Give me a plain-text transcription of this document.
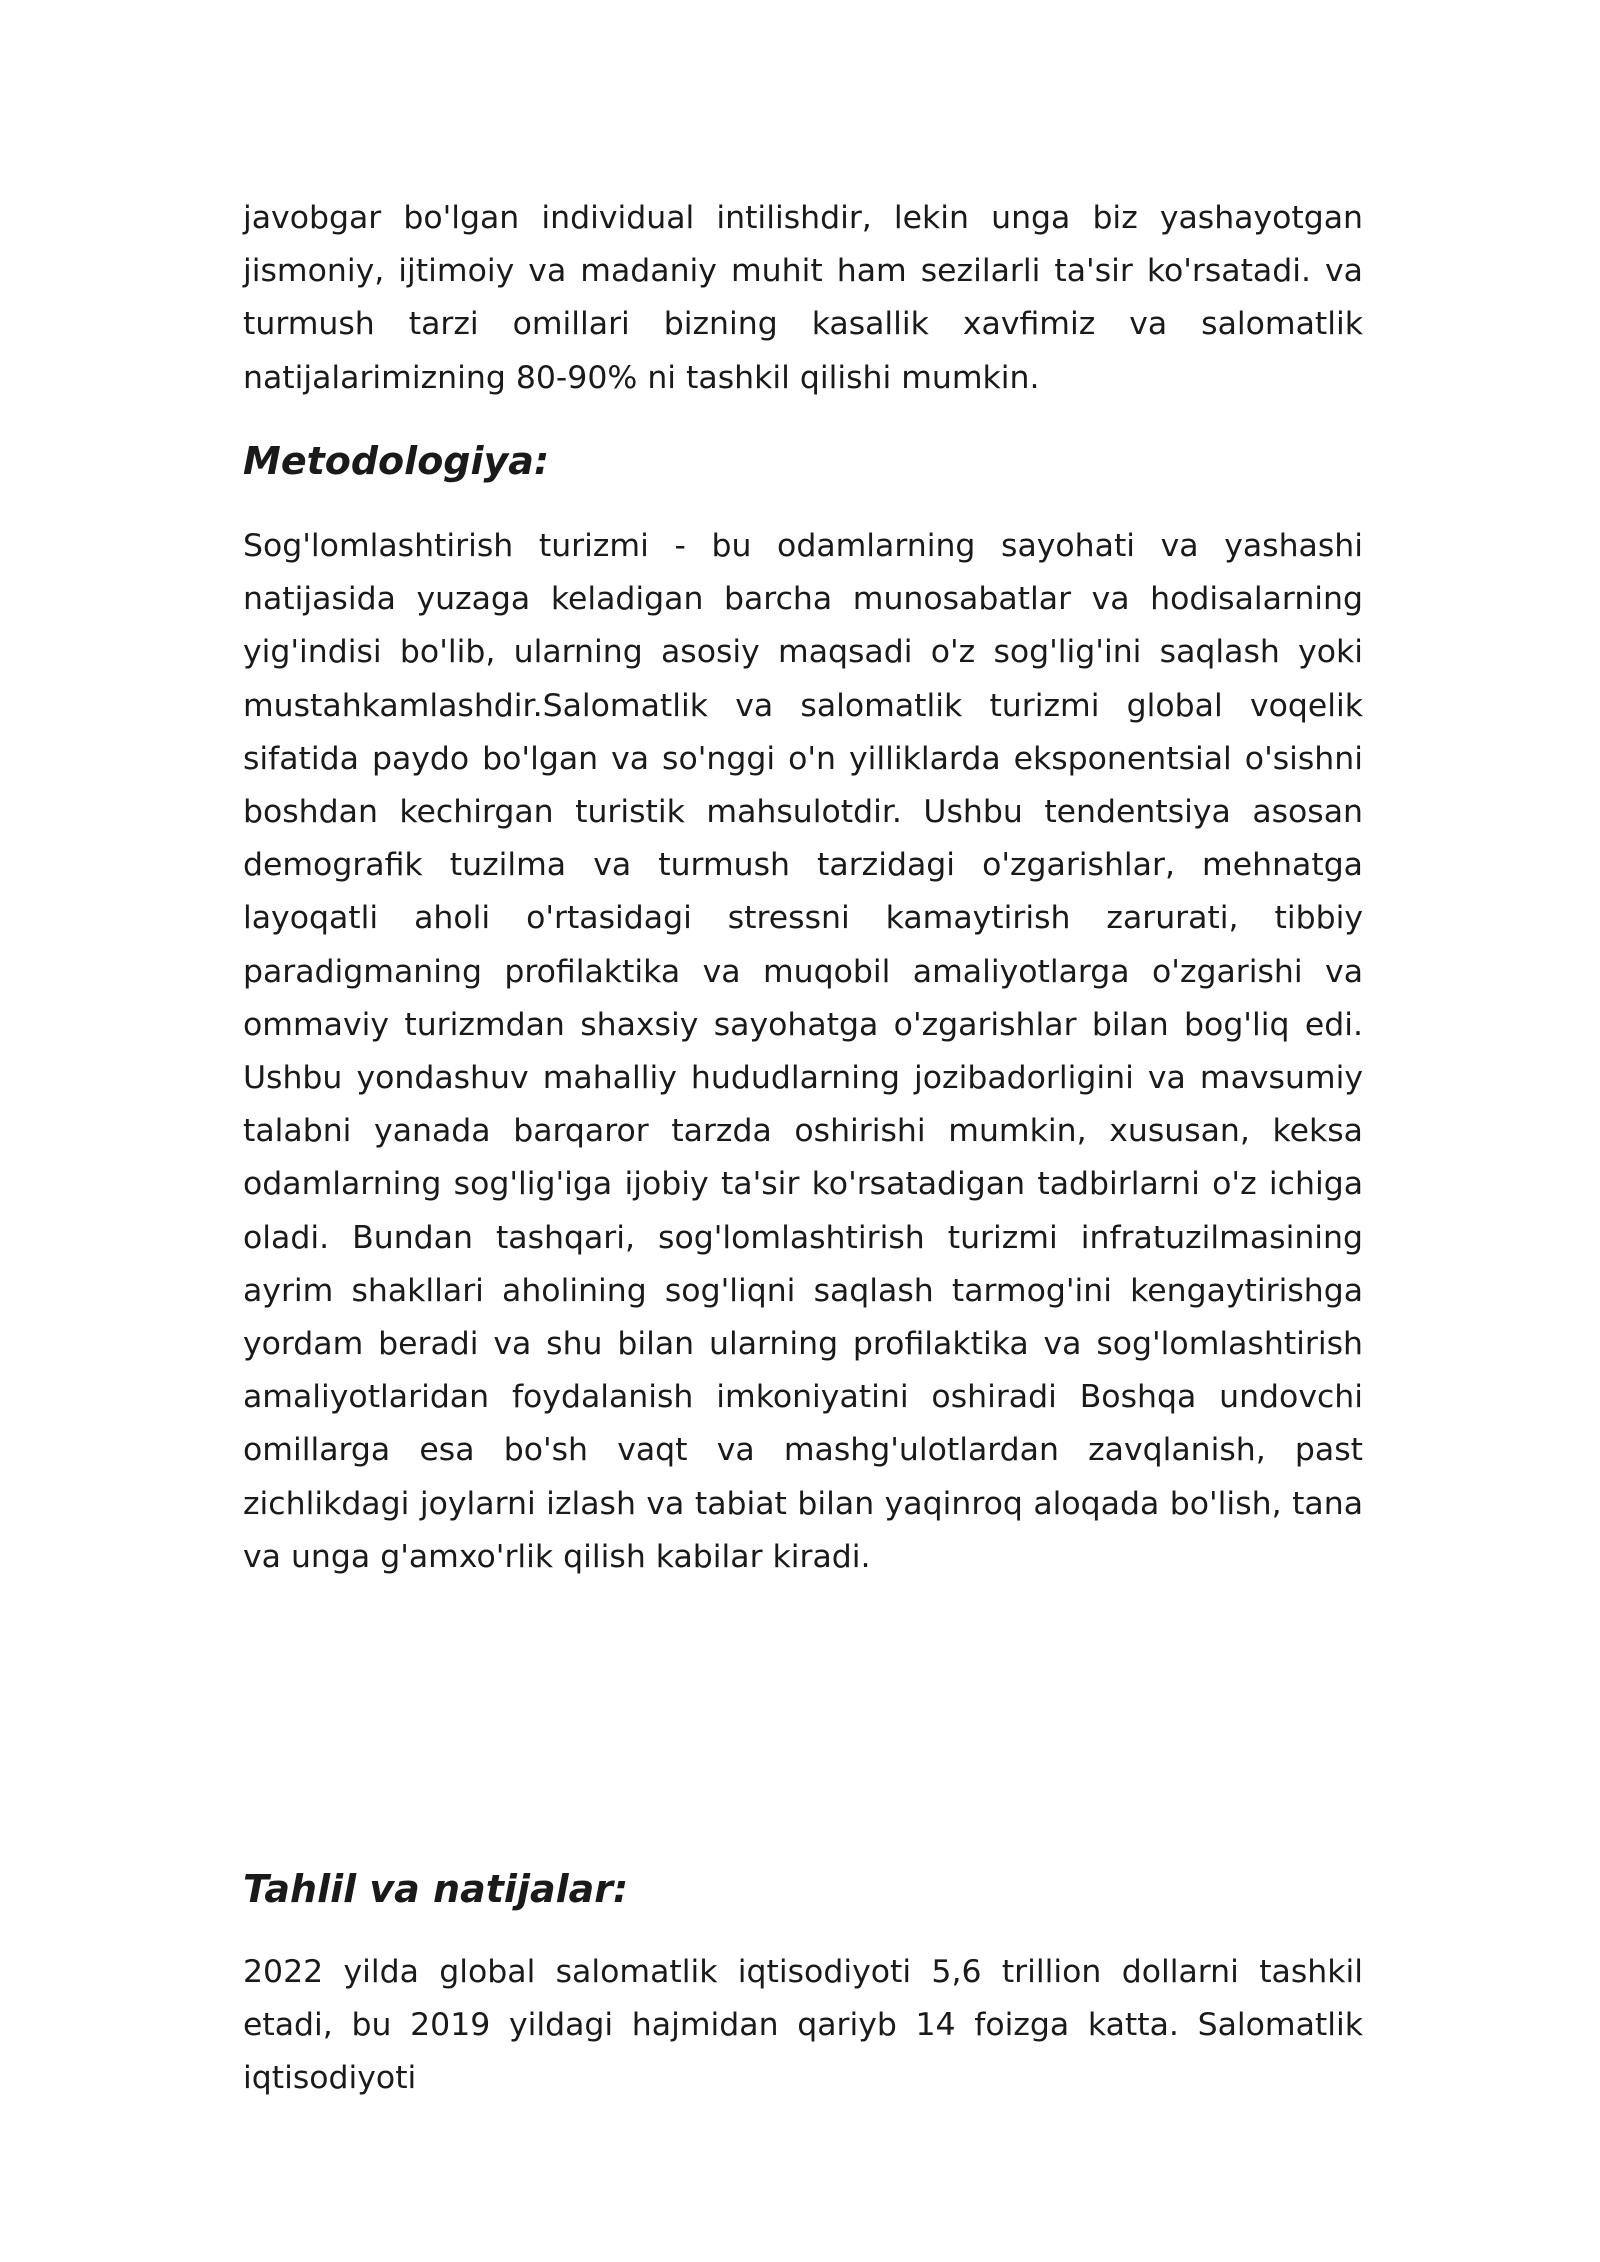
javobgar bo'lgan individual intilishdir, lekin unga biz yashayotgan jismoniy, ijtimoiy va madaniy muhit ham sezilarli ta'sir ko'rsatadi. va turmush tarzi omillari bizning kasallik xavfimiz va salomatlik natijalarimizning 80-90% ni tashkil qilishi mumkin.

Metodologiya:

Sog'lomlashtirish turizmi - bu odamlarning sayohati va yashashi natijasida yuzaga keladigan barcha munosabatlar va hodisalarning yig'indisi bo'lib, ularning asosiy maqsadi o'z sog'lig'ini saqlash yoki mustahkamlashdir.Salomatlik va salomatlik turizmi global voqelik sifatida paydo bo'lgan va so'nggi o'n yilliklarda eksponentsial o'sishni boshdan kechirgan turistik mahsulotdir. Ushbu tendentsiya asosan demografik tuzilma va turmush tarzidagi o'zgarishlar, mehnatga layoqatli aholi o'rtasidagi stressni kamaytirish zarurati, tibbiy paradigmaning profilaktika va muqobil amaliyotlarga o'zgarishi va ommaviy turizmdan shaxsiy sayohatga o'zgarishlar bilan bog'liq edi. Ushbu yondashuv mahalliy hududlarning jozibadorligini va mavsumiy talabni yanada barqaror tarzda oshirishi mumkin, xususan, keksa odamlarning sog'lig'iga ijobiy ta'sir ko'rsatadigan tadbirlarni o'z ichiga oladi. Bundan tashqari, sog'lomlashtirish turizmi infratuzilmasining ayrim shakllari aholining sog'liqni saqlash tarmog'ini kengaytirishga yordam beradi va shu bilan ularning profilaktika va sog'lomlashtirish amaliyotlaridan foydalanish imkoniyatini oshiradi Boshqa undovchi omillarga esa bo'sh vaqt va mashg'ulotlardan zavqlanish, past zichlikdagi joylarni izlash va tabiat bilan yaqinroq aloqada bo'lish, tana va unga g'amxo'rlik qilish kabilar kiradi.

Tahlil va natijalar:

2022 yilda global salomatlik iqtisodiyoti 5,6 trillion dollarni tashkil etadi, bu 2019 yildagi hajmidan qariyb 14 foizga katta. Salomatlik iqtisodiyoti
